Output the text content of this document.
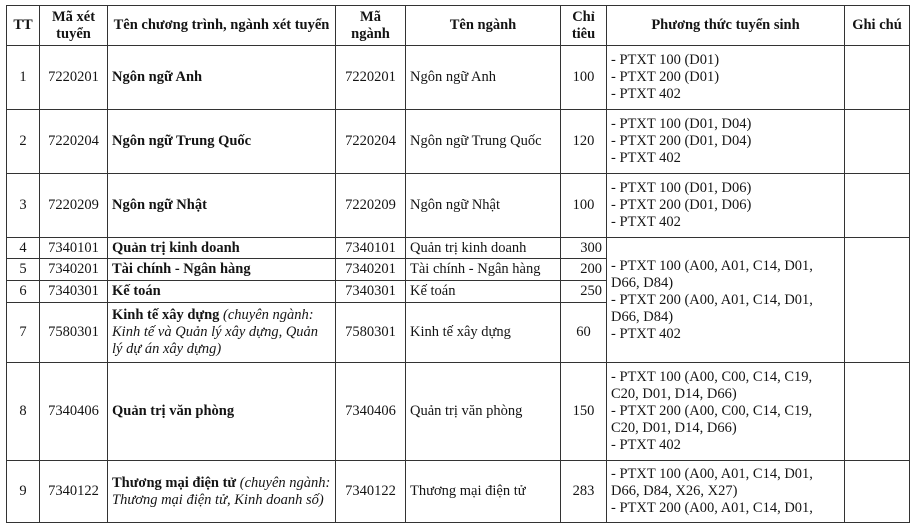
TT	Mã xét tuyển	Tên chương trình, ngành xét tuyển	Mã ngành	Tên ngành	Chỉ tiêu	Phương thức tuyển sinh	Ghi chú
1	7220201	Ngôn ngữ Anh	7220201	Ngôn ngữ Anh	100	- PTXT 100 (D01)
- PTXT 200 (D01)
- PTXT 402	

2	7220204	Ngôn ngữ Trung Quốc	7220204	Ngôn ngữ Trung Quốc	120	- PTXT 100 (D01, D04)
- PTXT 200 (D01, D04)
- PTXT 402	

3	7220209	Ngôn ngữ Nhật	7220209	Ngôn ngữ Nhật	100	- PTXT 100 (D01, D06)
- PTXT 200 (D01, D06)
- PTXT 402	

4	7340101	Quản trị kinh doanh	7340101	Quản trị kinh doanh	300	- PTXT 100 (A00, A01, C14, D01, D66, D84)
- PTXT 200 (A00, A01, C14, D01, D66, D84)
- PTXT 402	

5	7340201	Tài chính - Ngân hàng	7340201	Tài chính - Ngân hàng	200		
6	7340301	Kế toán	7340301	Kế toán	250		
7	7580301	Kinh tế xây dựng (chuyên ngành: Kinh tế và Quản lý xây dựng, Quản lý dự án xây dựng)	7580301	Kinh tế xây dựng	60		
8	7340406	Quản trị văn phòng	7340406	Quản trị văn phòng	150	- PTXT 100 (A00, C00, C14, C19, C20, D01, D14, D66)
- PTXT 200 (A00, C00, C14, C19, C20, D01, D14, D66)
- PTXT 402	

9	7340122	Thương mại điện tử (chuyên ngành: Thương mại điện tử, Kinh doanh số)	7340122	Thương mại điện tử	283	- PTXT 100 (A00, A01, C14, D01, D66, D84, X26, X27)
- PTXT 200 (A00, A01, C14, D01,	
